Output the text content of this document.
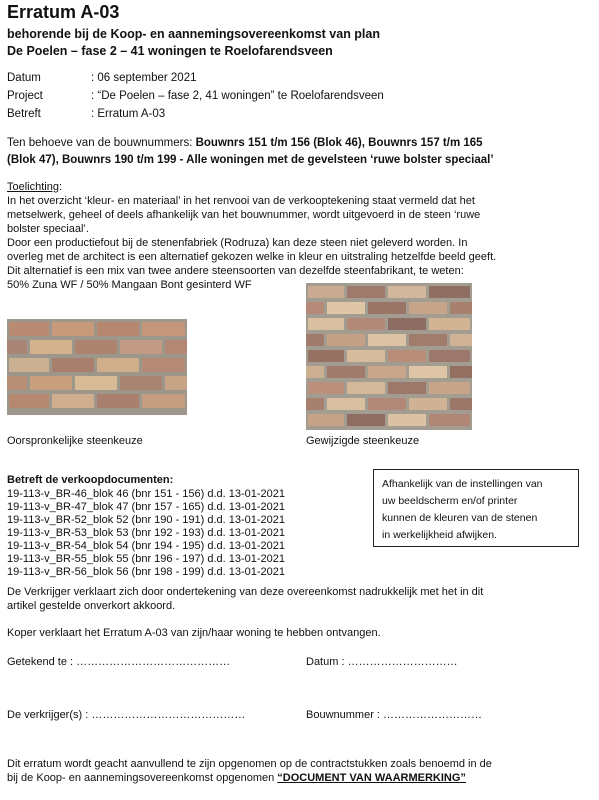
Erratum A-03
behorende bij de Koop- en aannemingsovereenkomst van plan
De Poelen – fase 2 – 41 woningen te Roelofarendsveen
Datum	: 06 september 2021
Project	: “De Poelen – fase 2, 41 woningen” te Roelofarendsveen
Betreft	: Erratum A-03
Ten behoeve van de bouwnummers: Bouwnrs 151 t/m 156 (Blok 46), Bouwnrs 157 t/m 165
(Blok 47), Bouwnrs 190 t/m 199 - Alle woningen met de gevelsteen ‘ruwe bolster speciaal’
Toelichting:
In het overzicht ‘kleur- en materiaal’ in het renvooi van de verkooptekening staat vermeld dat het
metselwerk, geheel of deels afhankelijk van het bouwnummer, wordt uitgevoerd in de steen ‘ruwe
bolster speciaal’.
Door een productiefout bij de stenenfabriek (Rodruza) kan deze steen niet geleverd worden. In
overleg met de architect is een alternatief gekozen welke in kleur en uitstraling hetzelfde beeld geeft.
Dit alternatief is een mix van twee andere steensoorten van dezelfde steenfabrikant, te weten:
50% Zuna WF / 50% Mangaan Bont gesinterd WF
Oorspronkelijke steenkeuze	Gewijzigde steenkeuze
Betreft de verkoopdocumenten:
19-113-v_BR-46_blok 46 (bnr 151 - 156) d.d. 13-01-2021
19-113-v_BR-47_blok 47 (bnr 157 - 165) d.d. 13-01-2021
19-113-v_BR-52_blok 52 (bnr 190 - 191) d.d. 13-01-2021
19-113-v_BR-53_blok 53 (bnr 192 - 193) d.d. 13-01-2021
19-113-v_BR-54_blok 54 (bnr 194 - 195) d.d. 13-01-2021
19-113-v_BR-55_blok 55 (bnr 196 - 197) d.d. 13-01-2021
19-113-v_BR-56_blok 56 (bnr 198 - 199) d.d. 13-01-2021
Afhankelijk van de instellingen van
uw beeldscherm en/of printer
kunnen de kleuren van de stenen
in werkelijkheid afwijken.
De Verkrijger verklaart zich door ondertekening van deze overeenkomst nadrukkelijk met het in dit
artikel gestelde onverkort akkoord.
Koper verklaart het Erratum A-03 van zijn/haar woning te hebben ontvangen.
Getekend te : ……………………………………	Datum : …………………………
De verkrijger(s) : ……………………………………	Bouwnummer : ………………………
Dit erratum wordt geacht aanvullend te zijn opgenomen op de contractstukken zoals benoemd in de
bij de Koop- en aannemingsovereenkomst opgenomen “DOCUMENT VAN WAARMERKING”
